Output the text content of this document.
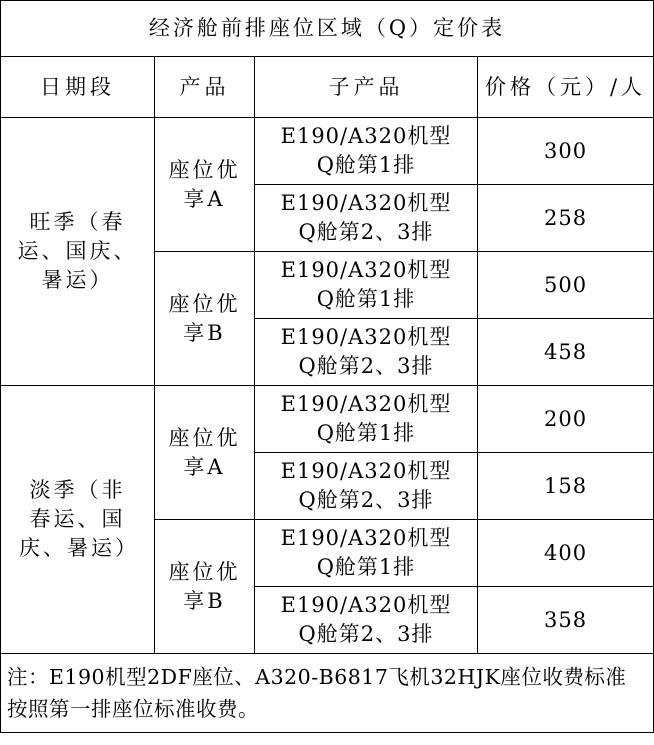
经济舱前排座位区域（Q）定价表			
日期段	产品	子产品	价格（元）/人
旺季（春运、国庆、暑运）	座位优享A	E190/A320机型Q舱第1排	300
		E190/A320机型Q舱第2、3排	258
	座位优享B	E190/A320机型Q舱第1排	500
		E190/A320机型Q舱第2、3排	458
淡季（非春运、国庆、暑运）	座位优享A	E190/A320机型Q舱第1排	200
		E190/A320机型Q舱第2、3排	158
	座位优享B	E190/A320机型Q舱第1排	400
		E190/A320机型Q舱第2、3排	358
注：E190机型2DF座位、A320-B6817飞机32HJK座位收费标准按照第一排座位标准收费。			
